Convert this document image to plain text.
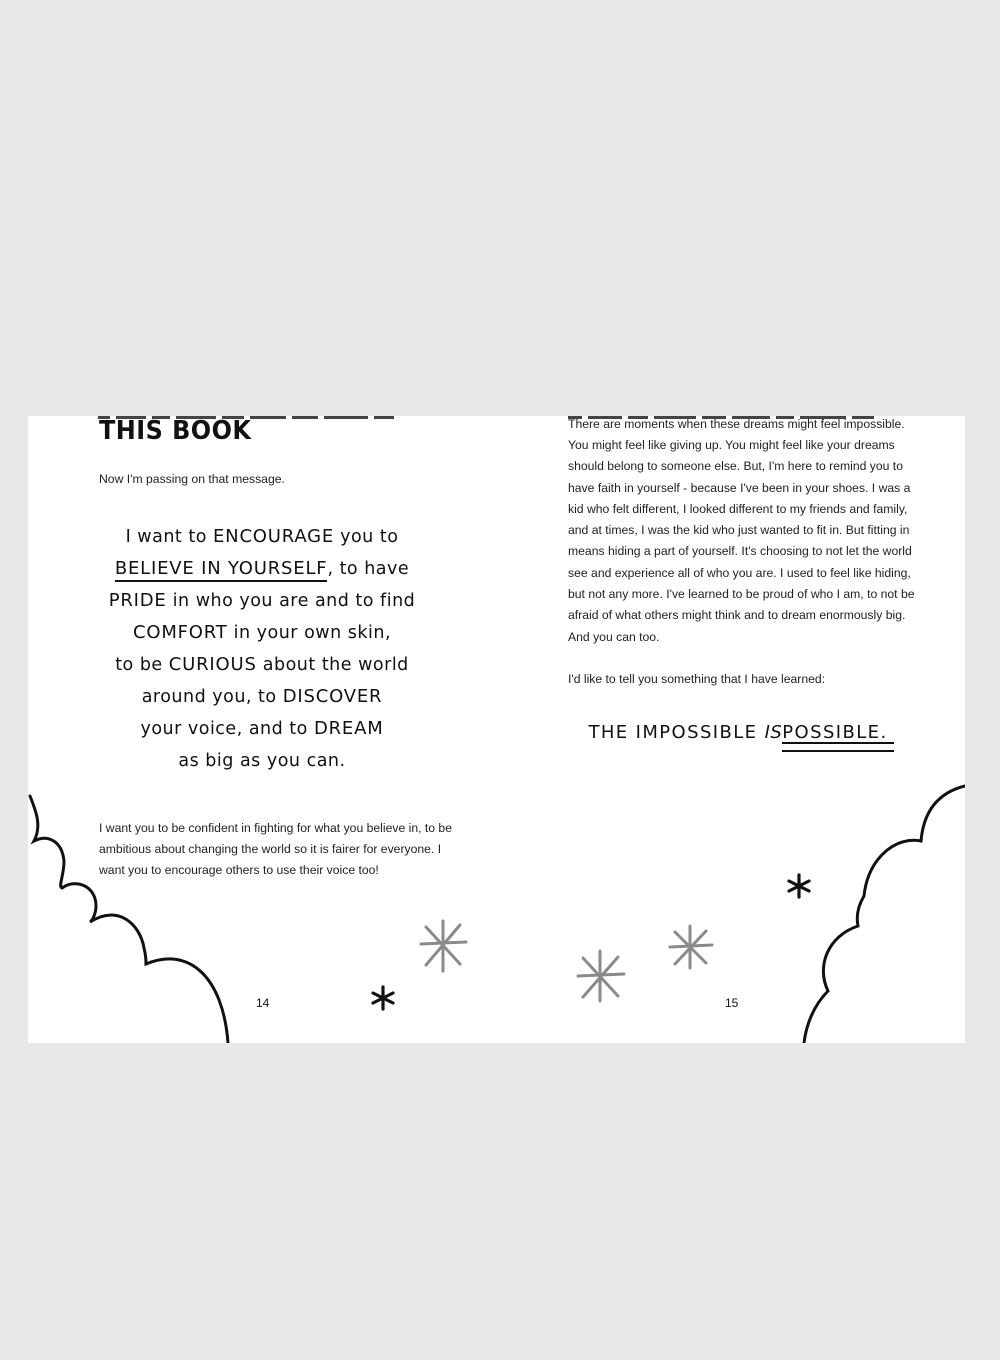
THIS BOOK

Now I'm passing on that message.

I want to ENCOURAGE you to
BELIEVE IN YOURSELF, to have
PRIDE in who you are and to find
COMFORT in your own skin,
to be CURIOUS about the world
around you, to DISCOVER
your voice, and to DREAM
as big as you can.

I want you to be confident in fighting for what you believe in, to be

ambitious about changing the world so it is fairer for everyone. I

want you to encourage others to use their voice too!

14

There are moments when these dreams might feel impossible.

You might feel like giving up. You might feel like your dreams

should belong to someone else. But, I'm here to remind you to

have faith in yourself - because I've been in your shoes. I was a

kid who felt different, I looked different to my friends and family,

and at times, I was the kid who just wanted to fit in. But fitting in

means hiding a part of yourself. It's choosing to not let the world

see and experience all of who you are. I used to feel like hiding,

but not any more. I've learned to be proud of who I am, to not be

afraid of what others might think and to dream enormously big.

And you can too.

I'd like to tell you something that I have learned:

THE IMPOSSIBLE ISPOSSIBLE.

15
